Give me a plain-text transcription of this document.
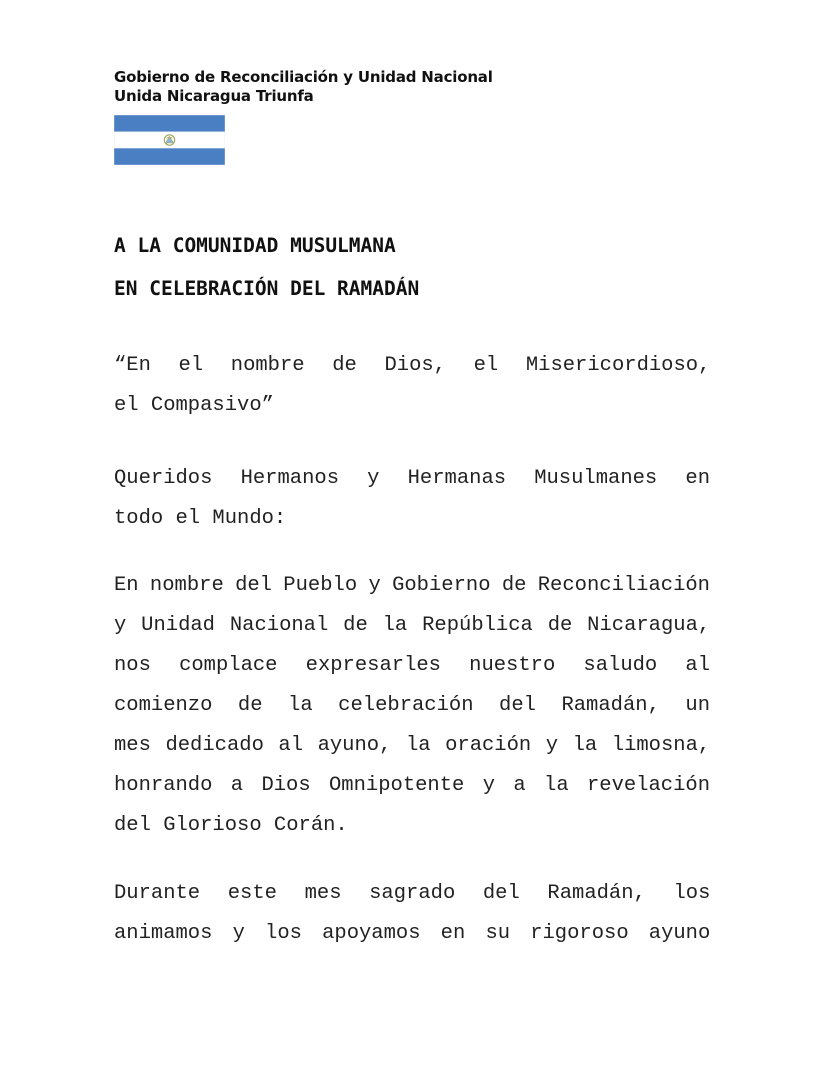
Gobierno de Reconciliación y Unidad Nacional
Unida Nicaragua Triunfa
A LA COMUNIDAD MUSULMANA
EN CELEBRACIÓN DEL RAMADÁN
“En el nombre de Dios, el Misericordioso,
el Compasivo”
Queridos Hermanos y Hermanas Musulmanes en
todo el Mundo:
En nombre del Pueblo y Gobierno de Reconciliación
y Unidad Nacional de la República de Nicaragua,
nos complace expresarles nuestro saludo al
comienzo de la celebración del Ramadán, un
mes dedicado al ayuno, la oración y la limosna,
honrando a Dios Omnipotente y a la revelación
del Glorioso Corán.
Durante este mes sagrado del Ramadán, los
animamos y los apoyamos en su rigoroso ayuno
